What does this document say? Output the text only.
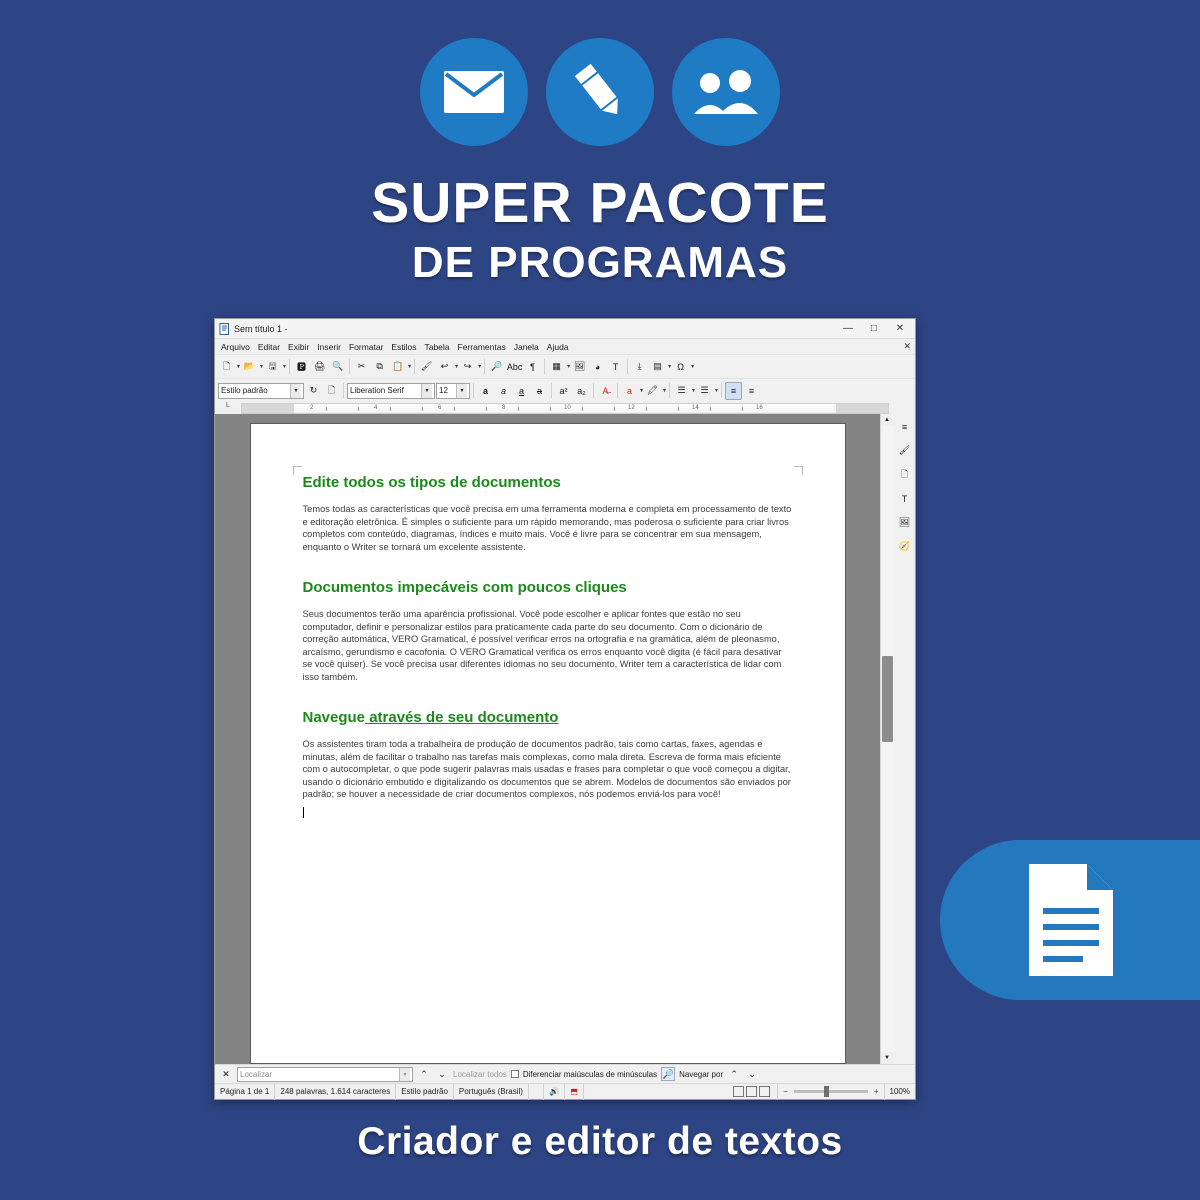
SUPER PACOTE
DE PROGRAMAS
Criador e editor de textos
Sem título 1 -	—	□	✕
Arquivo Editar Exibir Inserir Formatar Estilos Tabela Ferramentas Janela Ajuda	✕
🗋	▾ 📂 ▾ 🖫	▾	🅿 🖨 🔍	✂	⧉	📋 ▾	🖌 ↩	▾ ↪	▾	🔎 Abc ¶	▦	▾ 🖼	◕	T	⤓	▤	▾ Ω	▾
Estilo padrão	▾	↻	🗋	Liberation Serif	▾	12	▾	a	a	a	a	a²	a₂	A̶	a	▾ 🖍 ▾	☰	▾ ☰	▾	≡	≡
L	2	4	6	8	10	12	14	16
Edite todos os tipos de documentos

Temos todas as características que você precisa em uma ferramenta moderna e completa em processamento de texto e editoração eletrônica. É simples o suficiente para um rápido memorando, mas poderosa o suficiente para criar livros completos com conteúdo, diagramas, índices e muito mais. Você é livre para se concentrar em sua mensagem, enquanto o Writer se tornará um excelente assistente.

Documentos impecáveis com poucos cliques

Seus documentos terão uma aparência profissional. Você pode escolher e aplicar fontes que estão no seu computador, definir e personalizar estilos para praticamente cada parte do seu documento. Com o dicionário de correção automática, VERO Gramatical, é possível verificar erros na ortografia e na gramática, além de pleonasmo, arcaísmo, gerundismo e cacofonia. O VERO Gramatical verifica os erros enquanto você digita (é fácil para desativar se você quiser). Se você precisa usar diferentes idiomas no seu documento, Writer tem a característica de lidar com isso também.

Navegue através de seu documento

Os assistentes tiram toda a trabalheira de produção de documentos padrão, tais como cartas, faxes, agendas e minutas, além de facilitar o trabalho nas tarefas mais complexas, como mala direta. Escreva de forma mais eficiente com o autocompletar, o que pode sugerir palavras mais usadas e frases para completar o que você começou a digitar, usando o dicionário embutido e digitalizando os documentos que se abrem. Modelos de documentos são enviados por padrão; se houver a necessidade de criar documentos complexos, nós podemos enviá-los para você!

▲
▼
≡
🖌
🗋
T
🖼
🧭
✕	Localizar	▾	⌃	⌄ Localizar todos Diferenciar maiúsculas de minúsculas 🔎 Navegar por ⌃	⌄
Página 1 de 1	248 palavras, 1.614 caracteres	Estilo padrão	Português (Brasil)
	🔊 ⬒	−	+	100%
